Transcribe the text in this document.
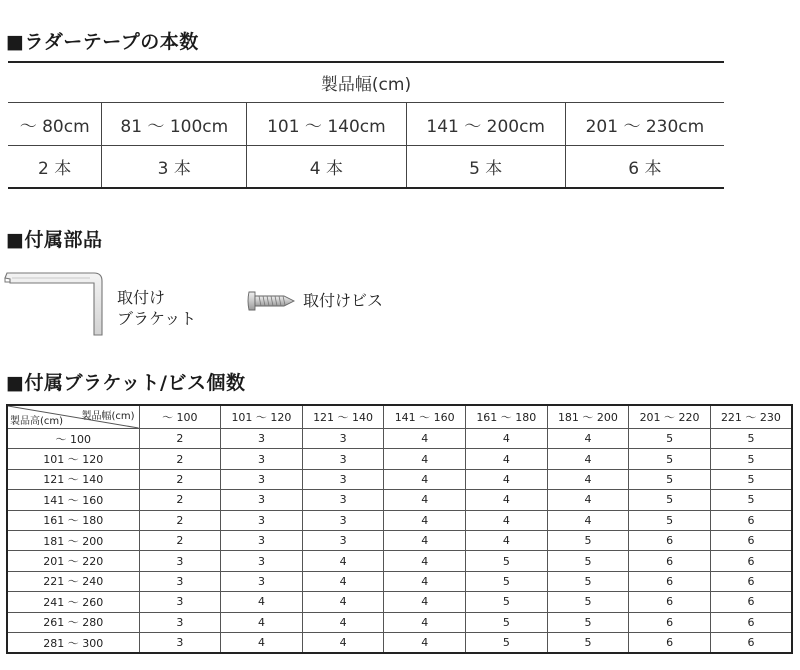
■ラダーテープの本数
製品幅(cm)				
～ 80cm	81 ～ 100cm	101 ～ 140cm	141 ～ 200cm	201 ～ 230cm
2 本	3 本	4 本	5 本	6 本
■付属部品
取付け
ブラケット
取付けビス
■付属ブラケット/ビス個数
製品幅(cm)
製品高(cm)	～ 100	101 ～ 120	121 ～ 140	141 ～ 160	161 ～ 180	181 ～ 200	201 ～ 220	221 ～ 230
～ 100	2	3	3	4	4	4	5	5
101 ～ 120	2	3	3	4	4	4	5	5
121 ～ 140	2	3	3	4	4	4	5	5
141 ～ 160	2	3	3	4	4	4	5	5
161 ～ 180	2	3	3	4	4	4	5	6
181 ～ 200	2	3	3	4	4	5	6	6
201 ～ 220	3	3	4	4	5	5	6	6
221 ～ 240	3	3	4	4	5	5	6	6
241 ～ 260	3	4	4	4	5	5	6	6
261 ～ 280	3	4	4	4	5	5	6	6
281 ～ 300	3	4	4	4	5	5	6	6
